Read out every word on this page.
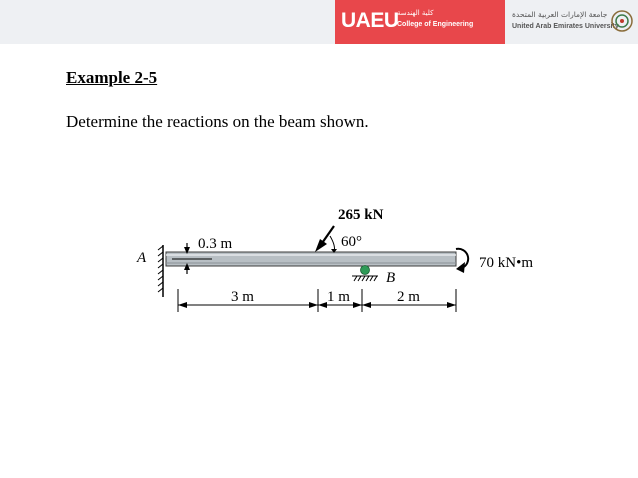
UAEU
كلية الهندسة
College of Engineering
جامعة الإمارات العربية المتحدة
United Arab Emirates University
Example 2-5
Determine the reactions on the beam shown.
0.3 m
A
265 kN
60°
B
70 kN•m
3 m	1 m	2 m
